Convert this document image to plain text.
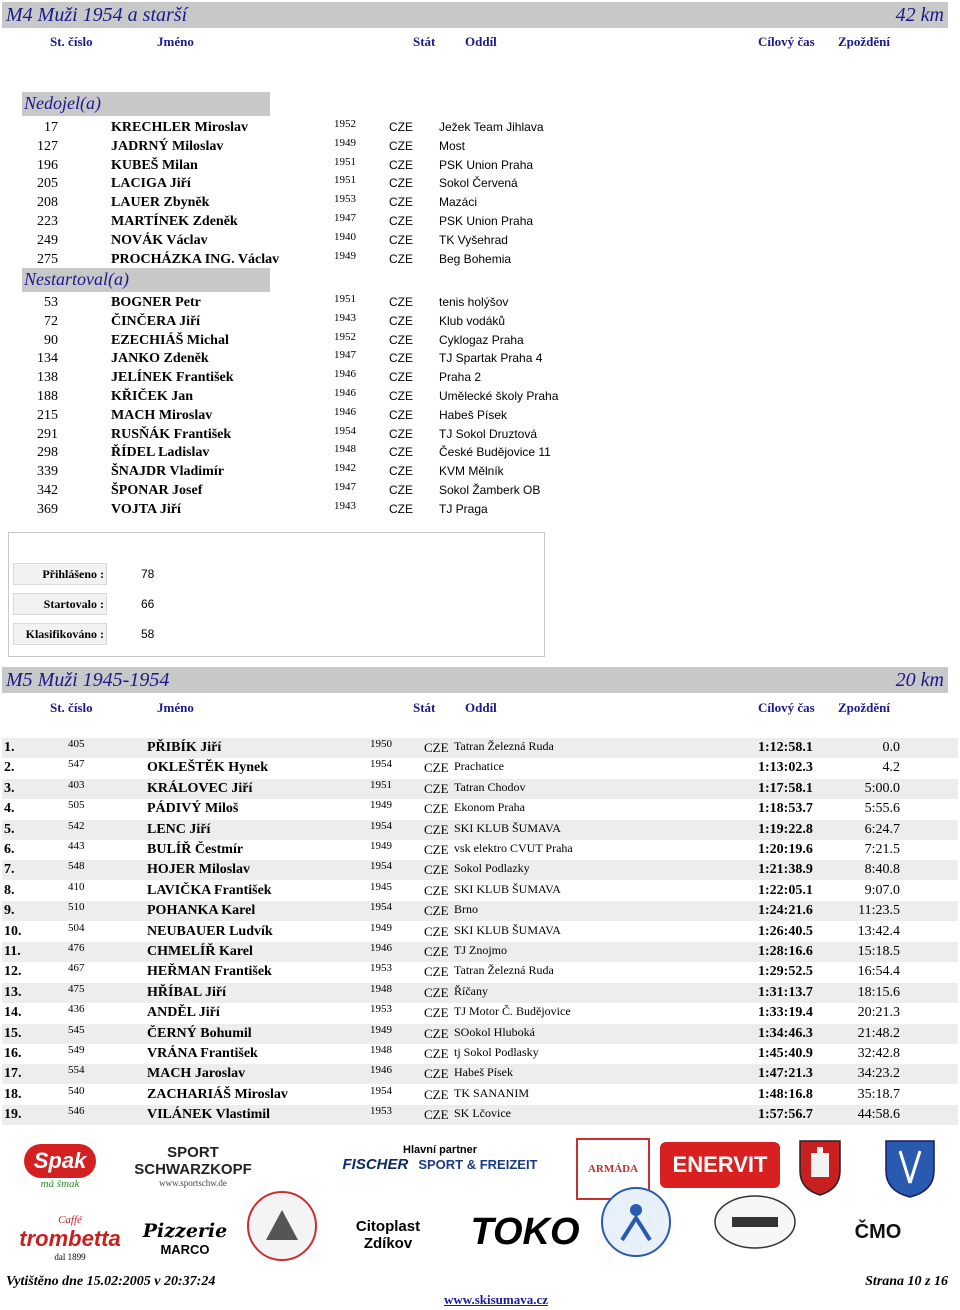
M4 Muži 1954 a starší	42 km
St. číslo	Jméno	Stát Oddíl	Cílový čas Zpoždění
Nedojel(a)
17	KRECHLER Miroslav	1952	CZE Ježek Team Jihlava
127	JADRNÝ Miloslav	1949	CZE Most
196	KUBEŠ Milan	1951	CZE PSK Union Praha
205	LACIGA Jiří	1951	CZE Sokol Červená
208	LAUER Zbyněk	1953	CZE Mazáci
223	MARTÍNEK Zdeněk	1947	CZE PSK Union Praha
249	NOVÁK Václav	1940	CZE TK Vyšehrad
275	PROCHÁZKA ING. Václav	1949	CZE Beg Bohemia
Nestartoval(a)
53	BOGNER Petr	1951	CZE tenis holýšov
72	ČINČERA Jiří	1943	CZE Klub vodáků
90	EZECHIÁŠ Michal	1952	CZE Cyklogaz Praha
134	JANKO Zdeněk	1947	CZE TJ Spartak Praha 4
138	JELÍNEK František	1946	CZE Praha 2
188	KŘIČEK Jan	1946	CZE Umělecké školy Praha
215	MACH Miroslav	1946	CZE Habeš Písek
291	RUSŇÁK František	1954	CZE TJ Sokol Druztová
298	ŘÍDEL Ladislav	1948	CZE České Budějovice 11
339	ŠNAJDR Vladimír	1942	CZE KVM Mělník
342	ŠPONAR Josef	1947	CZE Sokol Žamberk OB
369	VOJTA Jiří	1943	CZE TJ Praga
Přihlášeno :	78
Startovalo :	66
Klasifikováno :	58
M5 Muži 1945-1954	20 km
St. číslo	Jméno	Stát Oddíl	Cílový čas Zpoždění
1.	405	PŘIBÍK Jiří	1950 CZE Tatran Železná Ruda	1:12:58.1	0.0
2.	547	OKLEŠTĚK Hynek	1954 CZE Prachatice	1:13:02.3	4.2
3.	403	KRÁLOVEC Jiří	1951 CZE Tatran Chodov	1:17:58.1	5:00.0
4.	505	PÁDIVÝ Miloš	1949 CZE Ekonom Praha	1:18:53.7	5:55.6
5.	542	LENC Jiří	1954 CZE SKI KLUB ŠUMAVA	1:19:22.8	6:24.7
6.	443	BULÍŘ Čestmír	1949 CZE vsk elektro CVUT Praha	1:20:19.6	7:21.5
7.	548	HOJER Miloslav	1954 CZE Sokol Podlazky	1:21:38.9	8:40.8
8.	410	LAVIČKA František	1945 CZE SKI KLUB ŠUMAVA	1:22:05.1	9:07.0
9.	510	POHANKA Karel	1954 CZE Brno	1:24:21.6	11:23.5
10.	504	NEUBAUER Ludvík	1949 CZE SKI KLUB ŠUMAVA	1:26:40.5	13:42.4
11.	476	CHMELÍŘ Karel	1946 CZE TJ Znojmo	1:28:16.6	15:18.5
12.	467	HEŘMAN František	1953 CZE Tatran Železná Ruda	1:29:52.5	16:54.4
13.	475	HŘÍBAL Jiří	1948 CZE Říčany	1:31:13.7	18:15.6
14.	436	ANDĚL Jiří	1953 CZE TJ Motor Č. Budějovice	1:33:19.4	20:21.3
15.	545	ČERNÝ Bohumil	1949 CZE SOokol Hluboká	1:34:46.3	21:48.2
16.	549	VRÁNA František	1948 CZE tj Sokol Podlasky	1:45:40.9	32:42.8
17.	554	MACH Jaroslav	1946 CZE Habeš Písek	1:47:21.3	34:23.2
18.	540	ZACHARIÁŠ Miroslav	1954 CZE TK SANANIM	1:48:16.8	35:18.7
19.	546	VILÁNEK Vlastimil	1953 CZE SK Lčovice	1:57:56.7	44:58.6
Spak
má šmak
SPORT SCHWARZKOPF
www.sportschw.de
Hlavní partner
FISCHER SPORT & FREIZEIT	ARMÁDA ENERVIT
Caffé
trombetta
dal 1899
Pizzerie
MARCO
Citoplast
Zdíkov TOKO	ČMO
Vytištěno dne 15.02:2005 v 20:37:24	Strana 10 z 16
www.skisumava.cz
